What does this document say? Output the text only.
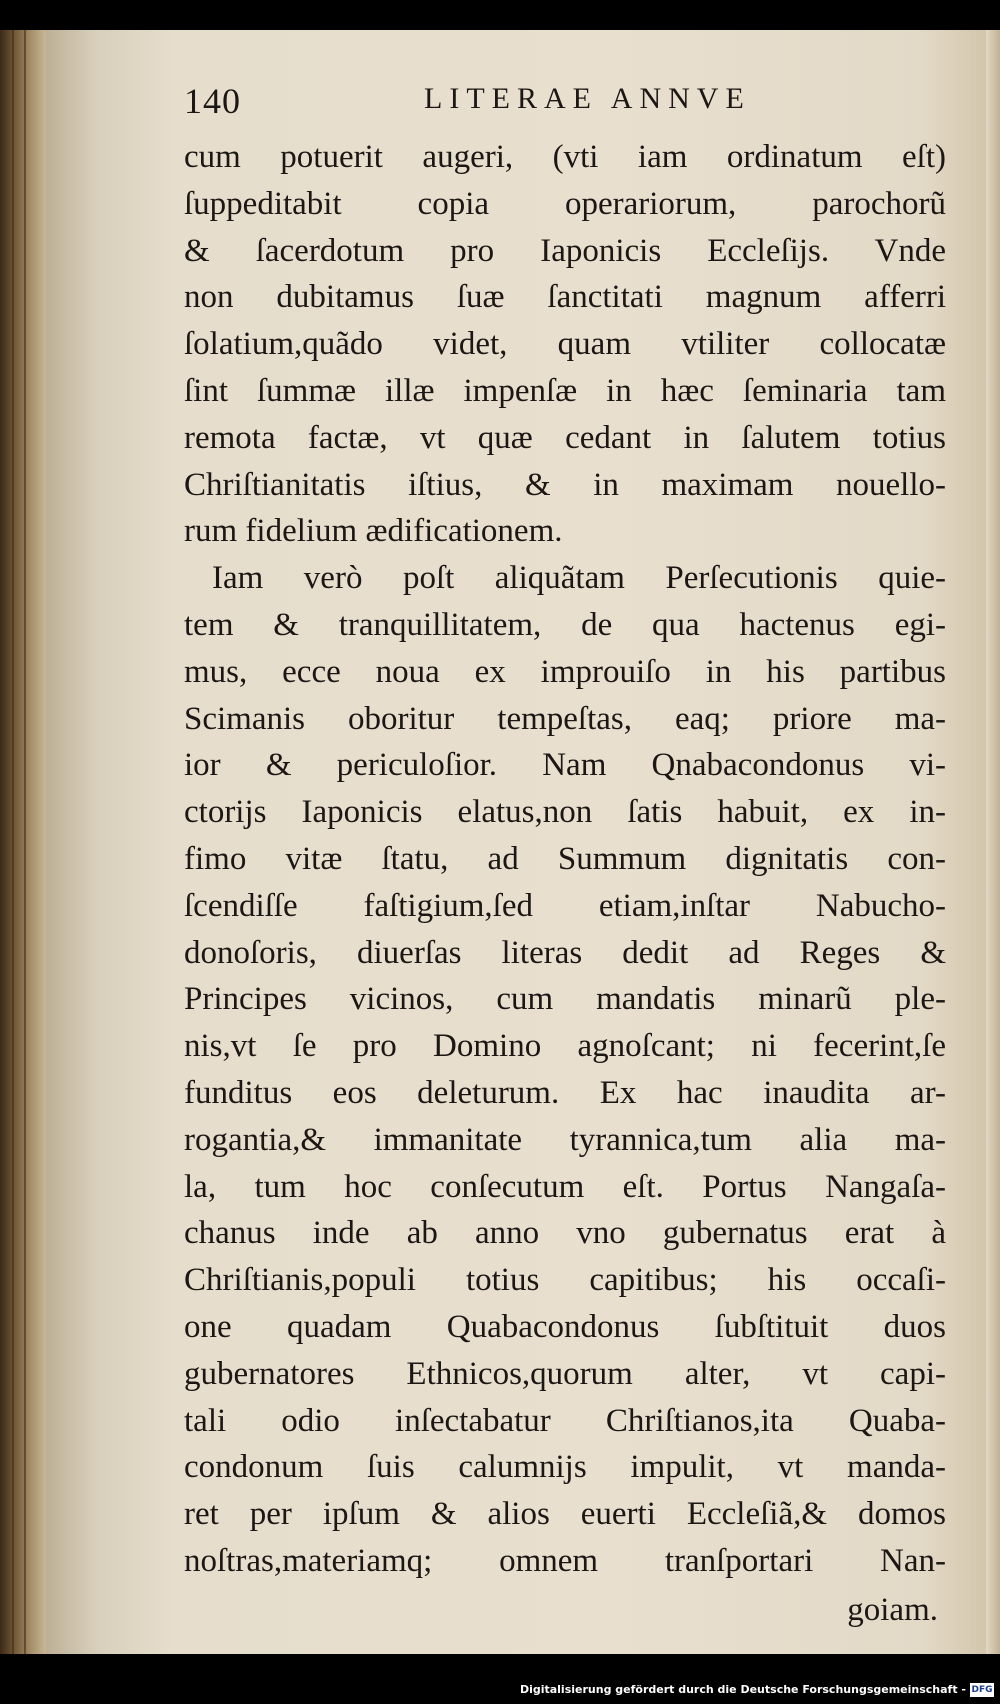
140	LITERAE ANNVE
cum potuerit augeri, (vti iam ordinatum eſt)
ſuppeditabit copia operariorum, parochorũ
& ſacerdotum pro Iaponicis Eccleſijs. Vnde
non dubitamus ſuæ ſanctitati magnum afferri
ſolatium,quãdo videt, quam vtiliter collocatæ
ſint ſummæ illæ impenſæ in hæc ſeminaria tam
remota factæ, vt quæ cedant in ſalutem totius
Chriſtianitatis iſtius, & in maximam nouello-
rum fidelium ædificationem.
Iam verò poſt aliquãtam Perſecutionis quie-
tem & tranquillitatem, de qua hactenus egi-
mus, ecce noua ex improuiſo in his partibus
Scimanis oboritur tempeſtas, eaq; priore ma-
ior & periculoſior. Nam Qnabacondonus vi-
ctorijs Iaponicis elatus,non ſatis habuit, ex in-
fimo vitæ ſtatu, ad Summum dignitatis con-
ſcendiſſe faſtigium,ſed etiam,inſtar Nabucho-
donoſoris, diuerſas literas dedit ad Reges &
Principes vicinos, cum mandatis minarũ ple-
nis,vt ſe pro Domino agnoſcant; ni fecerint,ſe
funditus eos deleturum. Ex hac inaudita ar-
rogantia,& immanitate tyrannica,tum alia ma-
la, tum hoc conſecutum eſt. Portus Nangaſa-
chanus inde ab anno vno gubernatus erat à
Chriſtianis,populi totius capitibus; his occaſi-
one quadam Quabacondonus ſubſtituit duos
gubernatores Ethnicos,quorum alter, vt capi-
tali odio inſectabatur Chriſtianos,ita Quaba-
condonum ſuis calumnijs impulit, vt manda-
ret per ipſum & alios euerti Eccleſiã,& domos
noſtras,materiamq; omnem tranſportari Nan-
goiam.
Digitalisierung gefördert durch die Deutsche Forschungsgemeinschaft - DFG
